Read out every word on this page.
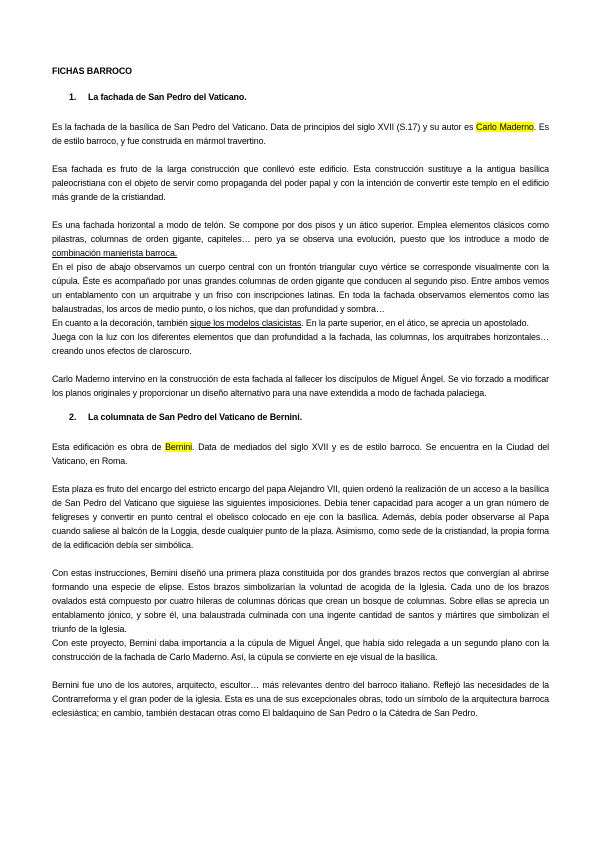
FICHAS BARROCO
1. La fachada de San Pedro del Vaticano.

Es la fachada de la basílica de San Pedro del Vaticano. Data de principios del siglo XVII (S.17) y su autor es Carlo Maderno. Es de estilo barroco, y fue construida en mármol travertino.

Esa fachada es fruto de la larga construcción que conllevó este edificio. Esta construcción sustituye a la antigua basílica paleocristiana con el objeto de servir como propaganda del poder papal y con la intención de convertir este templo en el edificio más grande de la cristiandad.

Es una fachada horizontal a modo de telón. Se compone por dos pisos y un ático superior. Emplea elementos clásicos como pilastras, columnas de orden gigante, capiteles… pero ya se observa una evolución, puesto que los introduce a modo de combinación manierista barroca.

En el piso de abajo observamos un cuerpo central con un frontón triangular cuyo vértice se corresponde visualmente con la cúpula. Éste es acompañado por unas grandes columnas de orden gigante que conducen al segundo piso. Entre ambos vemos un entablamento con un arquitrabe y un friso con inscripciones latinas. En toda la fachada observamos elementos como las balaustradas, los arcos de medio punto, o los nichos, que dan profundidad y sombra…

En cuanto a la decoración, también sigue los modelos clasicistas. En la parte superior, en el ático, se aprecia un apostolado.

Juega con la luz con los diferentes elementos que dan profundidad a la fachada, las columnas, los arquitrabes horizontales… creando unos efectos de claroscuro.

Carlo Maderno intervino en la construcción de esta fachada al fallecer los discípulos de Miguel Ángel. Se vio forzado a modificar los planos originales y proporcionar un diseño alternativo para una nave extendida a modo de fachada palaciega.

2. La columnata de San Pedro del Vaticano de Bernini.

Esta edificación es obra de Bernini. Data de mediados del siglo XVII y es de estilo barroco. Se encuentra en la Ciudad del Vaticano, en Roma.

Esta plaza es fruto del encargo del estricto encargo del papa Alejandro VII, quien ordenó la realización de un acceso a la basílica de San Pedro del Vaticano que siguiese las siguientes imposiciones. Debía tener capacidad para acoger a un gran número de feligreses y convertir en punto central el obelisco colocado en eje con la basílica. Además, debía poder observarse al Papa cuando saliese al balcón de la Loggia, desde cualquier punto de la plaza. Asimismo, como sede de la cristiandad, la propia forma de la edificación debía ser simbólica.

Con estas instrucciones, Bernini diseñó una primera plaza constituida por dos grandes brazos rectos que convergían al abrirse formando una especie de elipse. Estos brazos simbolizarían la voluntad de acogida de la Iglesia. Cada uno de los brazos ovalados está compuesto por cuatro hileras de columnas dóricas que crean un bosque de columnas. Sobre ellas se aprecia un entablamento jónico, y sobre él, una balaustrada culminada con una ingente cantidad de santos y mártires que simbolizan el triunfo de la Iglesia.

Con este proyecto, Bernini daba importancia a la cúpula de Miguel Ángel, que había sido relegada a un segundo plano con la construcción de la fachada de Carlo Maderno. Así, la cúpula se convierte en eje visual de la basílica.

Bernini fue uno de los autores, arquitecto, escultor… más relevantes dentro del barroco italiano. Reflejó las necesidades de la Contrarreforma y el gran poder de la iglesia. Esta es una de sus excepcionales obras, todo un símbolo de la arquitectura barroca eclesiástica; en cambio, también destacan otras como El baldaquino de San Pedro o la Cátedra de San Pedro.
